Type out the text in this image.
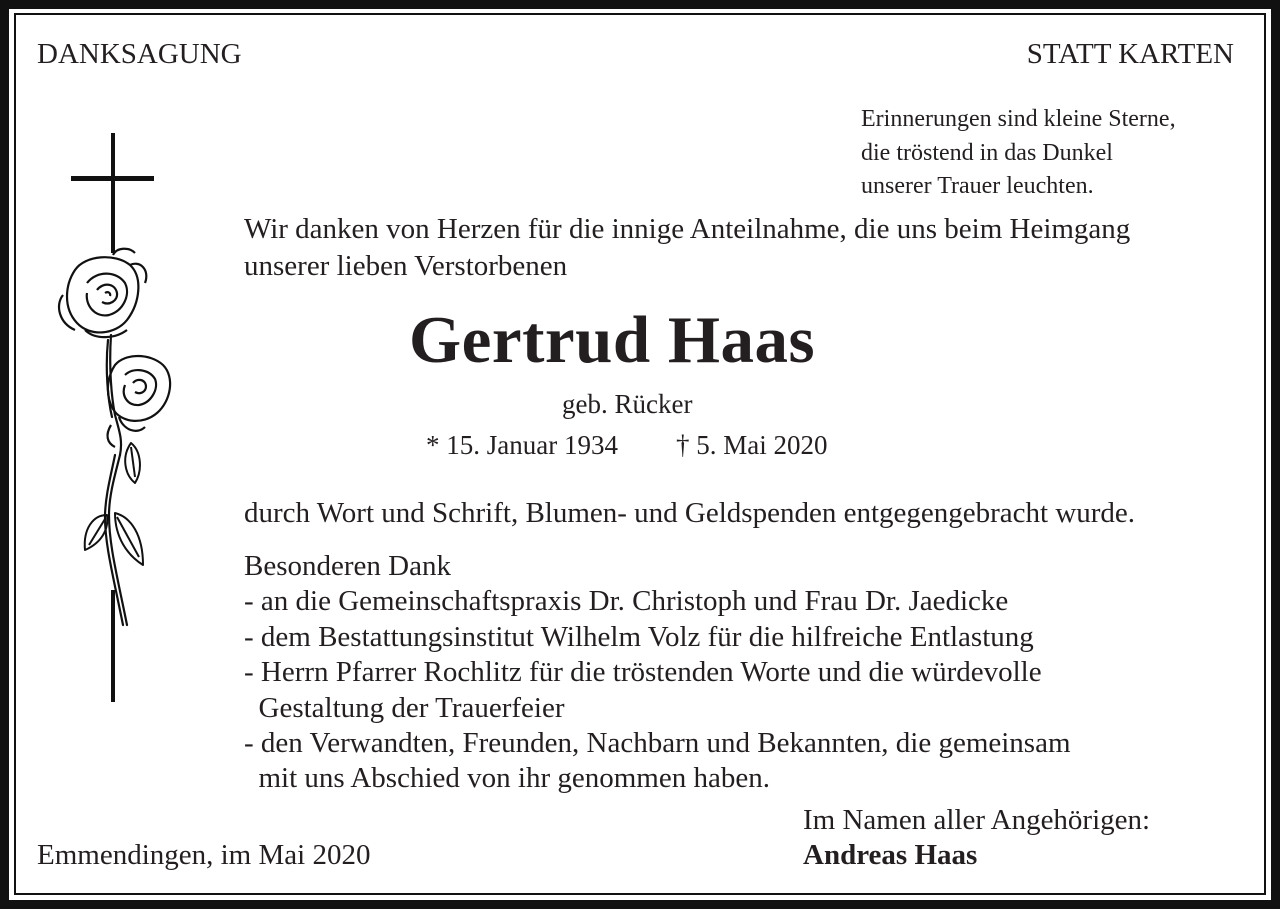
DANKSAGUNG	STATT KARTEN
Erinnerungen sind kleine Sterne,
die tröstend in das Dunkel
unserer Trauer leuchten.
Wir danken von Herzen für die innige Anteilnahme, die uns beim Heimgang
unserer lieben Verstorbenen
Gertrud Haas
geb. Rücker
* 15. Januar 1934 † 5. Mai 2020
durch Wort und Schrift, Blumen- und Geldspenden entgegengebracht wurde.
Besonderen Dank
- an die Gemeinschaftspraxis Dr. Christoph und Frau Dr. Jaedicke
- dem Bestattungsinstitut Wilhelm Volz für die hilfreiche Entlastung
- Herrn Pfarrer Rochlitz für die tröstenden Worte und die würdevolle
Gestaltung der Trauerfeier
- den Verwandten, Freunden, Nachbarn und Bekannten, die gemeinsam
mit uns Abschied von ihr genommen haben.
Im Namen aller Angehörigen:
Emmendingen, im Mai 2020	Andreas Haas
